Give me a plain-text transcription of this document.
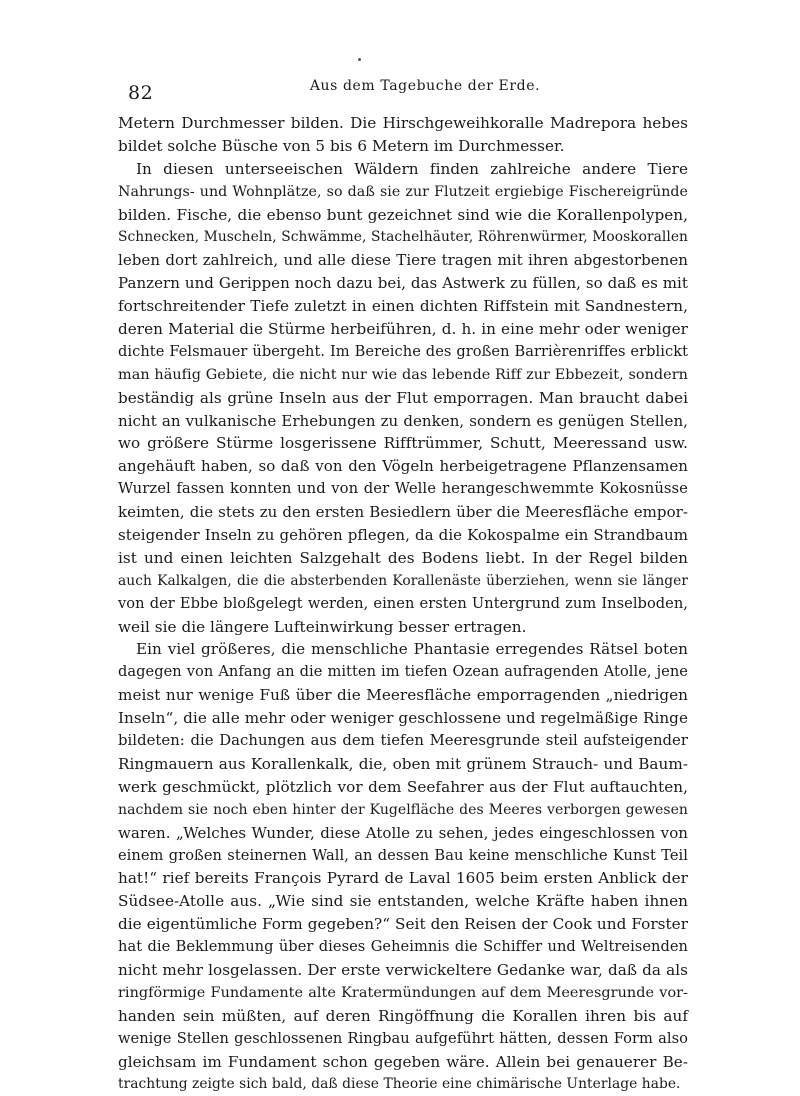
82	Aus dem Tagebuche der Erde.
Metern Durchmesser bilden. Die Hirschgeweihkoralle Madrepora hebes
bildet solche Büsche von 5 bis 6 Metern im Durchmesser.
In diesen unterseeischen Wäldern finden zahlreiche andere Tiere
Nahrungs- und Wohnplätze, so daß sie zur Flutzeit ergiebige Fischereigründe
bilden. Fische, die ebenso bunt gezeichnet sind wie die Korallenpolypen,
Schnecken, Muscheln, Schwämme, Stachelhäuter, Röhrenwürmer, Mooskorallen
leben dort zahlreich, und alle diese Tiere tragen mit ihren abgestorbenen
Panzern und Gerippen noch dazu bei, das Astwerk zu füllen, so daß es mit
fortschreitender Tiefe zuletzt in einen dichten Riffstein mit Sandnestern,
deren Material die Stürme herbeiführen, d. h. in eine mehr oder weniger
dichte Felsmauer übergeht. Im Bereiche des großen Barrièrenriffes erblickt
man häufig Gebiete, die nicht nur wie das lebende Riff zur Ebbezeit, sondern
beständig als grüne Inseln aus der Flut emporragen. Man braucht dabei
nicht an vulkanische Erhebungen zu denken, sondern es genügen Stellen,
wo größere Stürme losgerissene Rifftrümmer, Schutt, Meeressand usw.
angehäuft haben, so daß von den Vögeln herbeigetragene Pflanzensamen
Wurzel fassen konnten und von der Welle herangeschwemmte Kokosnüsse
keimten, die stets zu den ersten Besiedlern über die Meeresfläche empor-
steigender Inseln zu gehören pflegen, da die Kokospalme ein Strandbaum
ist und einen leichten Salzgehalt des Bodens liebt. In der Regel bilden
auch Kalkalgen, die die absterbenden Korallenäste überziehen, wenn sie länger
von der Ebbe bloßgelegt werden, einen ersten Untergrund zum Inselboden,
weil sie die längere Lufteinwirkung besser ertragen.
Ein viel größeres, die menschliche Phantasie erregendes Rätsel boten
dagegen von Anfang an die mitten im tiefen Ozean aufragenden Atolle, jene
meist nur wenige Fuß über die Meeresfläche emporragenden „niedrigen
Inseln“, die alle mehr oder weniger geschlossene und regelmäßige Ringe
bildeten: die Dachungen aus dem tiefen Meeresgrunde steil aufsteigender
Ringmauern aus Korallenkalk, die, oben mit grünem Strauch- und Baum-
werk geschmückt, plötzlich vor dem Seefahrer aus der Flut auftauchten,
nachdem sie noch eben hinter der Kugelfläche des Meeres verborgen gewesen
waren. „Welches Wunder, diese Atolle zu sehen, jedes eingeschlossen von
einem großen steinernen Wall, an dessen Bau keine menschliche Kunst Teil
hat!“ rief bereits François Pyrard de Laval 1605 beim ersten Anblick der
Südsee-Atolle aus. „Wie sind sie entstanden, welche Kräfte haben ihnen
die eigentümliche Form gegeben?“ Seit den Reisen der Cook und Forster
hat die Beklemmung über dieses Geheimnis die Schiffer und Weltreisenden
nicht mehr losgelassen. Der erste verwickeltere Gedanke war, daß da als
ringförmige Fundamente alte Kratermündungen auf dem Meeresgrunde vor-
handen sein müßten, auf deren Ringöffnung die Korallen ihren bis auf
wenige Stellen geschlossenen Ringbau aufgeführt hätten, dessen Form also
gleichsam im Fundament schon gegeben wäre. Allein bei genauerer Be-
trachtung zeigte sich bald, daß diese Theorie eine chimärische Unterlage habe.
